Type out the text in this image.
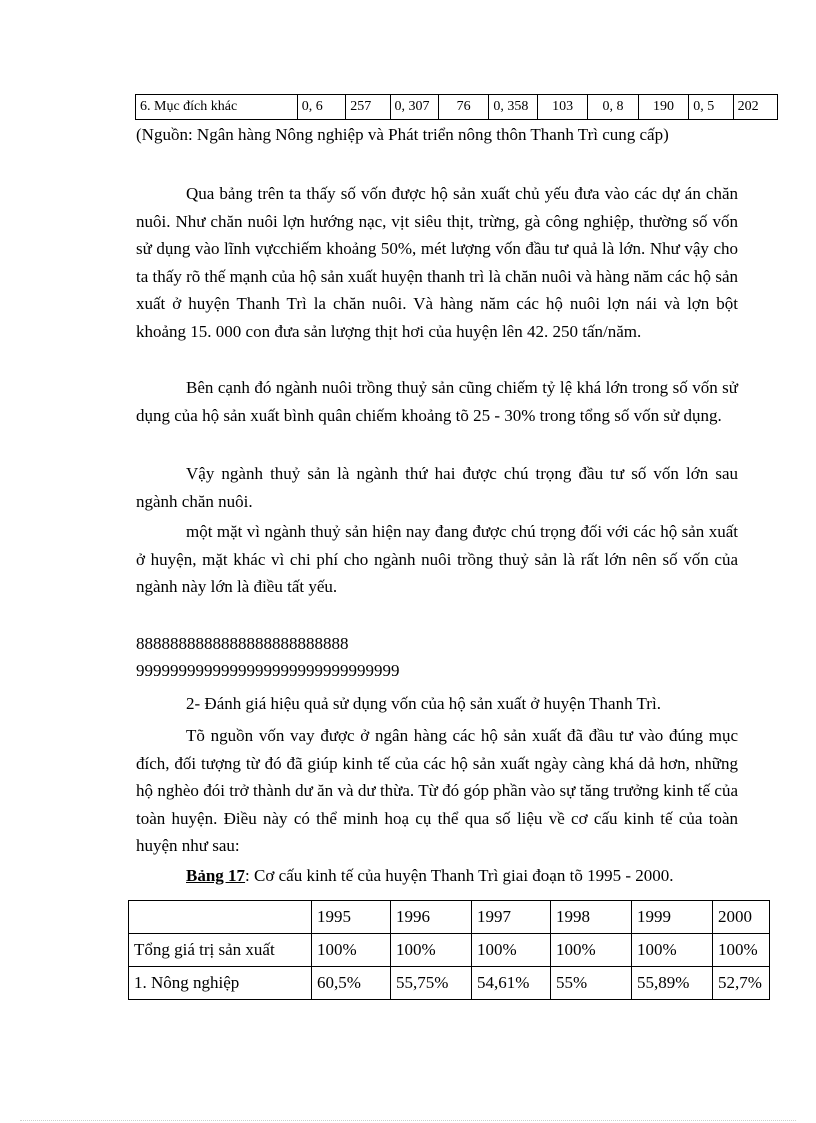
6. Mục đích khác	0, 6	257	0, 307	76	0, 358	103	0, 8	190	0, 5	202

(Nguồn: Ngân hàng Nông nghiệp và Phát triển nông thôn Thanh Trì cung cấp)

Qua bảng trên ta thấy số vốn được hộ sản xuất chủ yếu đưa vào các dự án chăn nuôi. Như chăn nuôi lợn hướng nạc, vịt siêu thịt, trừng, gà công nghiệp, thường số vốn sử dụng vào lĩnh vựcchiếm khoảng 50%, mét lượng vốn đầu tư quả là lớn. Như vậy cho ta thấy rõ thế mạnh của hộ sản xuất huyện thanh trì là chăn nuôi và hàng năm các hộ sản xuất ở huyện Thanh Trì la chăn nuôi. Và hàng năm các hộ nuôi lợn nái và lợn bột khoảng 15. 000 con đưa sản lượng thịt hơi của huyện lên 42. 250 tấn/năm.

Bên cạnh đó ngành nuôi trồng thuỷ sản cũng chiếm tỷ lệ khá lớn trong số vốn sử dụng của hộ sản xuất bình quân chiếm khoảng tõ 25 - 30% trong tổng số vốn sử dụng.

Vậy ngành thuỷ sản là ngành thứ hai được chú trọng đầu tư số vốn lớn sau ngành chăn nuôi.

một mặt vì ngành thuỷ sản hiện nay đang được chú trọng đối với các hộ sản xuất ở huyện, mặt khác vì chi phí cho ngành nuôi trồng thuỷ sản là rất lớn nên số vốn của ngành này lớn là điều tất yếu.

8888888888888888888888888

9999999999999999999999999999999

2- Đánh giá hiệu quả sử dụng vốn của hộ sản xuất ở huyện Thanh Trì.

Tõ nguồn vốn vay được ở ngân hàng các hộ sản xuất đã đầu tư vào đúng mục đích, đối tượng từ đó đã giúp kinh tế của các hộ sản xuất ngày càng khá dả hơn, những hộ nghèo đói trở thành dư ăn và dư thừa. Từ đó góp phần vào sự tăng trưởng kinh tế của toàn huyện. Điều này có thể minh hoạ cụ thể qua số liệu về cơ cấu kinh tế của toàn huyện như sau:

Bảng 17: Cơ cấu kinh tế của huyện Thanh Trì giai đoạn tõ 1995 - 2000.

	1995	1996	1997	1998	1999	2000
Tổng giá trị sản xuất	100%	100%	100%	100%	100%	100%
1. Nông nghiệp	60,5%	55,75%	54,61%	55%	55,89%	52,7%
